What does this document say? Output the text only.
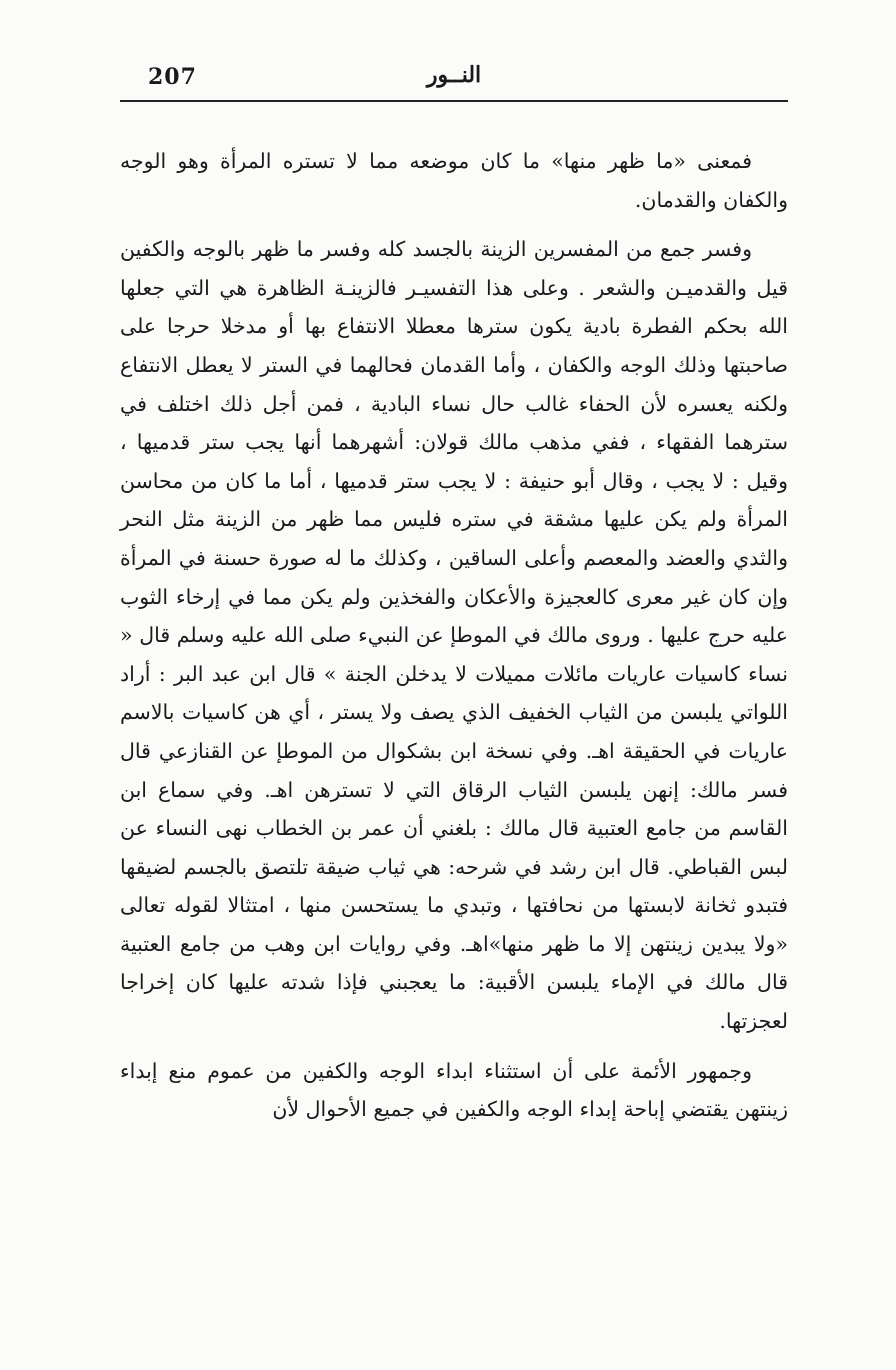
207	النــور

فمعنى «ما ظهر منها» ما كان موضعه مما لا تستره المرأة وهو الوجه والكفان والقدمان.

وفسر جمع من المفسرين الزينة بالجسد كله وفسر ما ظهر بالوجه والكفين قيل والقدميـن والشعر . وعلى هذا التفسيـر فالزينـة الظاهرة هي التي جعلها الله بحكم الفطرة بادية يكون سترها معطلا الانتفاع بها أو مدخلا حرجا على صاحبتها وذلك الوجه والكفان ، وأما القدمان فحالهما في الستر لا يعطل الانتفاع ولكنه يعسره لأن الحفاء غالب حال نساء البادية ، فمن أجل ذلك اختلف في سترهما الفقهاء ، ففي مذهب مالك قولان: أشهرهما أنها يجب ستر قدميها ، وقيل : لا يجب ، وقال أبو حنيفة : لا يجب ستر قدميها ، أما ما كان من محاسن المرأة ولم يكن عليها مشقة في ستره فليس مما ظهر من الزينة مثل النحر والثدي والعضد والمعصم وأعلى الساقين ، وكذلك ما له صورة حسنة في المرأة وإن كان غير معرى كالعجيزة والأعكان والفخذين ولم يكن مما في إرخاء الثوب عليه حرج عليها . وروى مالك في الموطإ عن النبيء صلى الله عليه وسلم قال « نساء كاسيات عاريات مائلات مميلات لا يدخلن الجنة » قال ابن عبد البر : أراد اللواتي يلبسن من الثياب الخفيف الذي يصف ولا يستر ، أي هن كاسيات بالاسم عاريات في الحقيقة اهـ. وفي نسخة ابن بشكوال من الموطإ عن القنازعي قال فسر مالك: إنهن يلبسن الثياب الرقاق التي لا تسترهن اهـ. وفي سماع ابن القاسم من جامع العتبية قال مالك : بلغني أن عمر بن الخطاب نهى النساء عن لبس القباطي. قال ابن رشد في شرحه: هي ثياب ضيقة تلتصق بالجسم لضيقها فتبدو ثخانة لابستها من نحافتها ، وتبدي ما يستحسن منها ، امتثالا لقوله تعالى «ولا يبدين زينتهن إلا ما ظهر منها»اهـ. وفي روايات ابن وهب من جامع العتبية قال مالك في الإماء يلبسن الأقبية: ما يعجبني فإذا شدته عليها كان إخراجا لعجزتها.

وجمهور الأئمة على أن استثناء ابداء الوجه والكفين من عموم منع إبداء زينتهن يقتضي إباحة إبداء الوجه والكفين في جميع الأحوال لأن
